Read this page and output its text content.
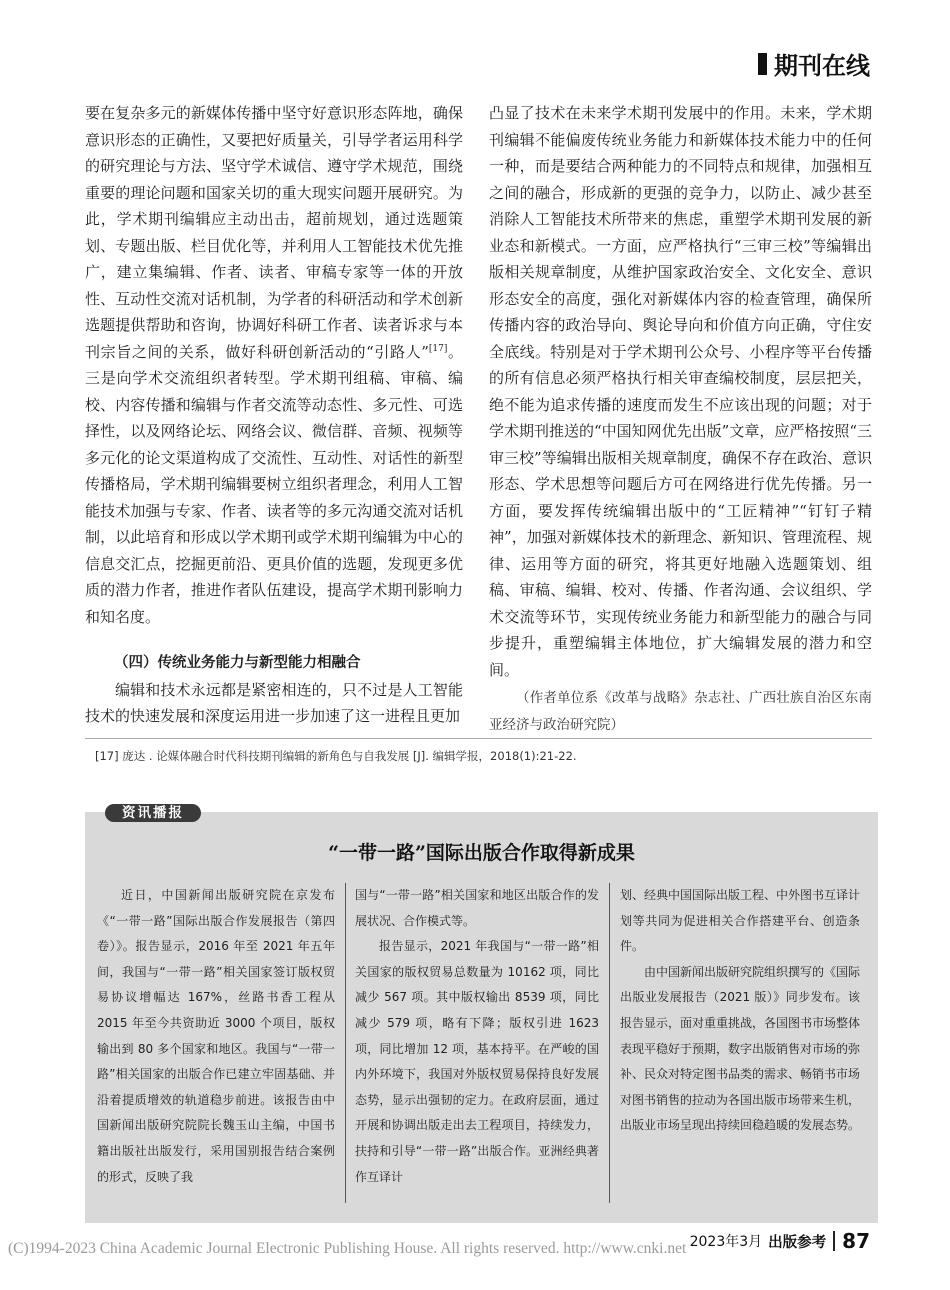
期刊在线

要在复杂多元的新媒体传播中坚守好意识形态阵地，确保意识形态的正确性，又要把好质量关，引导学者运用科学的研究理论与方法、坚守学术诚信、遵守学术规范，围绕重要的理论问题和国家关切的重大现实问题开展研究。为此，学术期刊编辑应主动出击，超前规划，通过选题策划、专题出版、栏目优化等，并利用人工智能技术优先推广，建立集编辑、作者、读者、审稿专家等一体的开放性、互动性交流对话机制，为学者的科研活动和学术创新选题提供帮助和咨询，协调好科研工作者、读者诉求与本刊宗旨之间的关系，做好科研创新活动的“引路人”[17]。三是向学术交流组织者转型。学术期刊组稿、审稿、编校、内容传播和编辑与作者交流等动态性、多元性、可选择性，以及网络论坛、网络会议、微信群、音频、视频等多元化的论文渠道构成了交流性、互动性、对话性的新型传播格局，学术期刊编辑要树立组织者理念，利用人工智能技术加强与专家、作者、读者等的多元沟通交流对话机制，以此培育和形成以学术期刊或学术期刊编辑为中心的信息交汇点，挖掘更前沿、更具价值的选题，发现更多优质的潜力作者，推进作者队伍建设，提高学术期刊影响力和知名度。

（四）传统业务能力与新型能力相融合

编辑和技术永远都是紧密相连的，只不过是人工智能技术的快速发展和深度运用进一步加速了这一进程且更加

凸显了技术在未来学术期刊发展中的作用。未来，学术期刊编辑不能偏废传统业务能力和新媒体技术能力中的任何一种，而是要结合两种能力的不同特点和规律，加强相互之间的融合，形成新的更强的竞争力，以防止、减少甚至消除人工智能技术所带来的焦虑，重塑学术期刊发展的新业态和新模式。一方面，应严格执行“三审三校”等编辑出版相关规章制度，从维护国家政治安全、文化安全、意识形态安全的高度，强化对新媒体内容的检查管理，确保所传播内容的政治导向、舆论导向和价值方向正确，守住安全底线。特别是对于学术期刊公众号、小程序等平台传播的所有信息必须严格执行相关审查编校制度，层层把关，绝不能为追求传播的速度而发生不应该出现的问题；对于学术期刊推送的“中国知网优先出版”文章，应严格按照“三审三校”等编辑出版相关规章制度，确保不存在政治、意识形态、学术思想等问题后方可在网络进行优先传播。另一方面，要发挥传统编辑出版中的“工匠精神”“钉钉子精神”，加强对新媒体技术的新理念、新知识、管理流程、规律、运用等方面的研究，将其更好地融入选题策划、组稿、审稿、编辑、校对、传播、作者沟通、会议组织、学术交流等环节，实现传统业务能力和新型能力的融合与同步提升，重塑编辑主体地位，扩大编辑发展的潜力和空间。

（作者单位系《改革与战略》杂志社、广西壮族自治区东南亚经济与政治研究院）

[17] 庞达 . 论媒体融合时代科技期刊编辑的新角色与自我发展 [J]. 编辑学报，2018(1):21-22.
资讯播报
“一带一路”国际出版合作取得新成果

近日，中国新闻出版研究院在京发布《“一带一路”国际出版合作发展报告（第四卷）》。报告显示，2016 年至 2021 年五年间，我国与“一带一路”相关国家签订版权贸易协议增幅达 167%，丝路书香工程从 2015 年至今共资助近 3000 个项目，版权输出到 80 多个国家和地区。我国与“一带一路”相关国家的出版合作已建立牢固基础、并沿着提质增效的轨道稳步前进。该报告由中国新闻出版研究院院长魏玉山主编，中国书籍出版社出版发行，采用国别报告结合案例的形式，反映了我

国与“一带一路”相关国家和地区出版合作的发展状况、合作模式等。

报告显示，2021 年我国与“一带一路”相关国家的版权贸易总数量为 10162 项，同比减少 567 项。其中版权输出 8539 项，同比减少 579 项，略有下降；版权引进 1623 项，同比增加 12 项，基本持平。在严峻的国内外环境下，我国对外版权贸易保持良好发展态势，显示出强韧的定力。在政府层面，通过开展和协调出版走出去工程项目，持续发力，扶持和引导“一带一路”出版合作。亚洲经典著作互译计

划、经典中国国际出版工程、中外图书互译计划等共同为促进相关合作搭建平台、创造条件。

由中国新闻出版研究院组织撰写的《国际出版业发展报告（2021 版）》同步发布。该报告显示，面对重重挑战，各国图书市场整体表现平稳好于预期，数字出版销售对市场的弥补、民众对特定图书品类的需求、畅销书市场对图书销售的拉动为各国出版市场带来生机，出版业市场呈现出持续回稳趋暖的发展态势。

2023年3月 出版参考 87
(C)1994-2023 China Academic Journal Electronic Publishing House. All rights reserved. http://www.cnki.net
